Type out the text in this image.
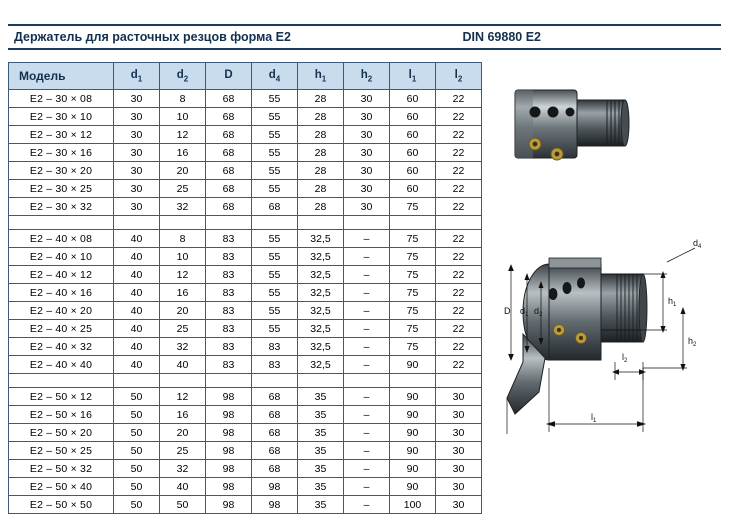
Держатель для расточных резцов форма E2	DIN 69880 E2
Модель	$d_1$	$d_2$	D	$d_4$	$h_1$	$h_2$	$l_1$	$l_2$
E2 – 30 × 08	30	8	68	55	28	30	60	22
E2 – 30 × 10	30	10	68	55	28	30	60	22
E2 – 30 × 12	30	12	68	55	28	30	60	22
E2 – 30 × 16	30	16	68	55	28	30	60	22
E2 – 30 × 20	30	20	68	55	28	30	60	22
E2 – 30 × 25	30	25	68	55	28	30	60	22
E2 – 30 × 32	30	32	68	68	28	30	75	22

E2 – 40 × 08	40	8	83	55	32,5	–	75	22
E2 – 40 × 10	40	10	83	55	32,5	–	75	22
E2 – 40 × 12	40	12	83	55	32,5	–	75	22
E2 – 40 × 16	40	16	83	55	32,5	–	75	22
E2 – 40 × 20	40	20	83	55	32,5	–	75	22
E2 – 40 × 25	40	25	83	55	32,5	–	75	22
E2 – 40 × 32	40	32	83	83	32,5	–	75	22
E2 – 40 × 40	40	40	83	83	32,5	–	90	22

E2 – 50 × 12	50	12	98	68	35	–	90	30
E2 – 50 × 16	50	16	98	68	35	–	90	30
E2 – 50 × 20	50	20	98	68	35	–	90	30
E2 – 50 × 25	50	25	98	68	35	–	90	30
E2 – 50 × 32	50	32	98	68	35	–	90	30
E2 – 50 × 40	50	40	98	98	35	–	90	30
E2 – 50 × 50	50	50	98	98	35	–	100	30
D $d_1$ $d_2$
$d_4$
$l_2$
$l_1$
$h_1$
$h_2$
